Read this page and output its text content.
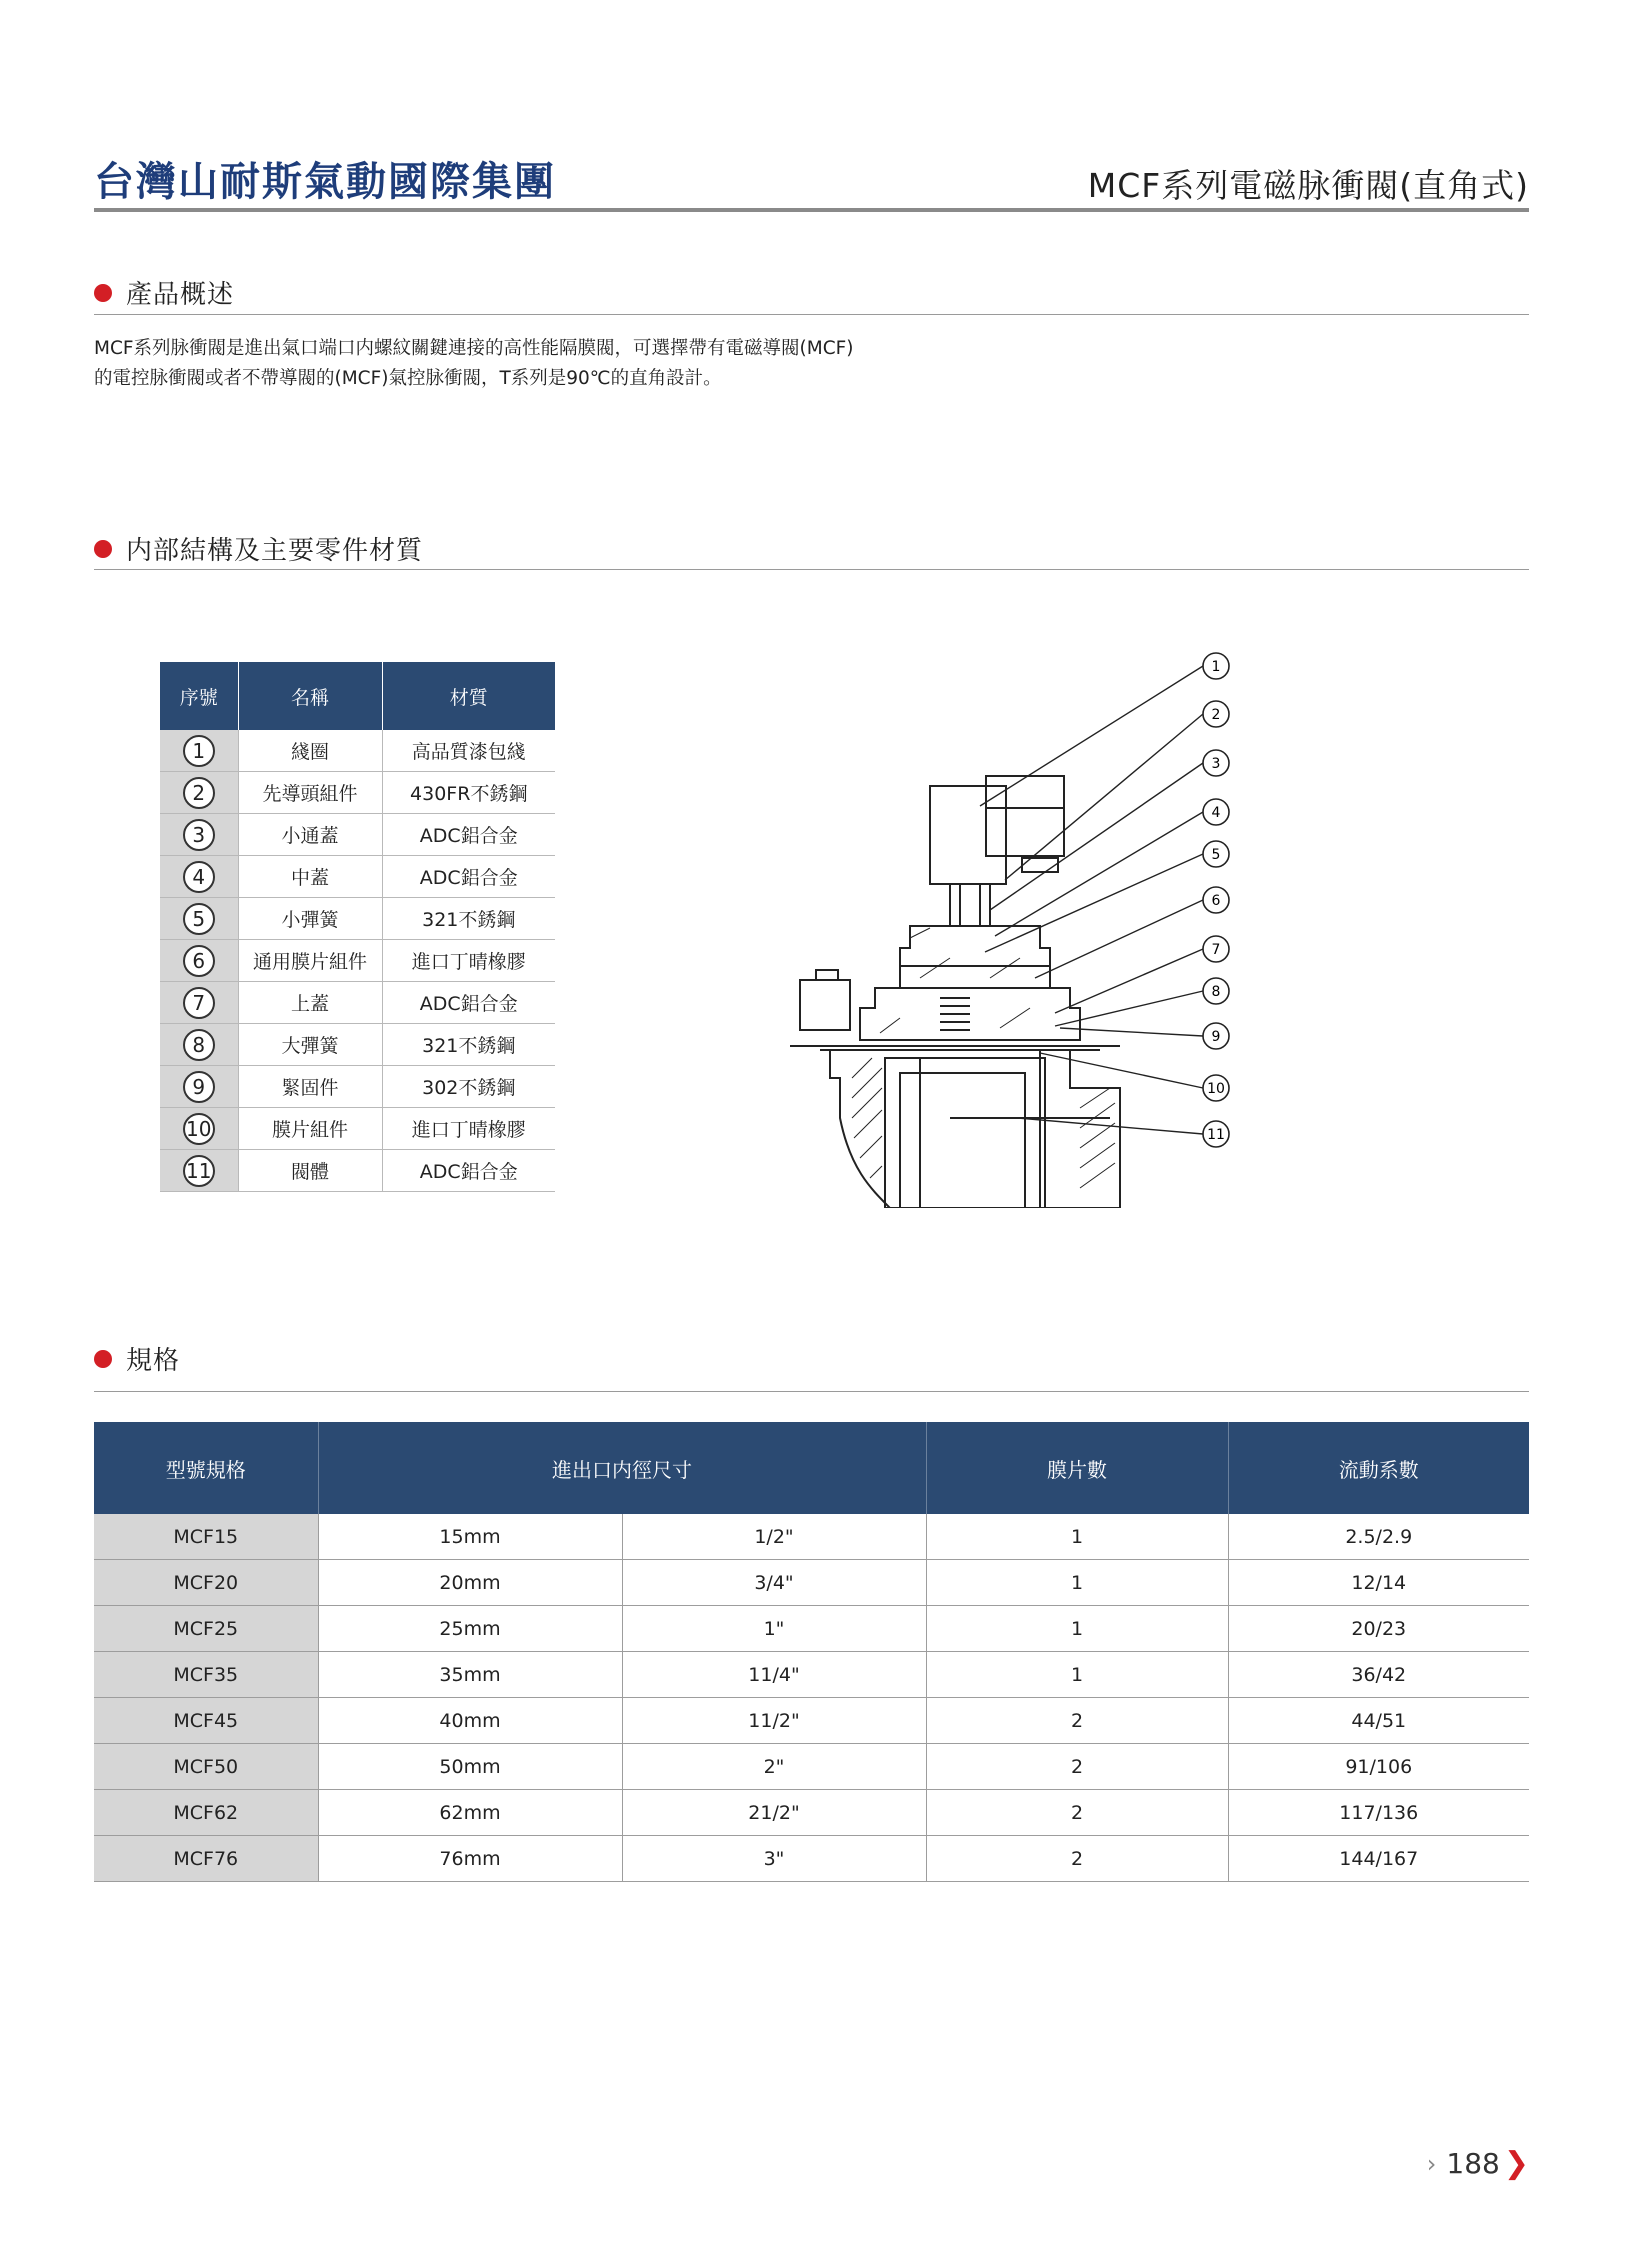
台灣山耐斯氣動國際集團	MCF系列電磁脉衝閥(直角式)
產品概述
MCF系列脉衝閥是進出氣口端口内螺紋關鍵連接的高性能隔膜閥，可選擇帶有電磁導閥(MCF)
的電控脉衝閥或者不帶導閥的(MCF)氣控脉衝閥，T系列是90℃的直角設計。
内部結構及主要零件材質
序號	名稱	材質
1	綫圈	高品質漆包綫
2	先導頭組件	430FR不銹鋼
3	小通蓋	ADC鋁合金
4	中蓋	ADC鋁合金
5	小彈簧	321不銹鋼
6	通用膜片組件	進口丁晴橡膠
7	上蓋	ADC鋁合金
8	大彈簧	321不銹鋼
9	緊固件	302不銹鋼
10	膜片組件	進口丁晴橡膠
11	閥體	ADC鋁合金
1
2
3
4
5
6
7
8
9
10
11
規格
型號規格	進出口内徑尺寸		膜片數	流動系數
MCF15	15mm	1/2"	1	2.5/2.9
MCF20	20mm	3/4"	1	12/14
MCF25	25mm	1"	1	20/23
MCF35	35mm	11/4"	1	36/42
MCF45	40mm	11/2"	2	44/51
MCF50	50mm	2"	2	91/106
MCF62	62mm	21/2"	2	117/136
MCF76	76mm	3"	2	144/167
› 188 ❯
